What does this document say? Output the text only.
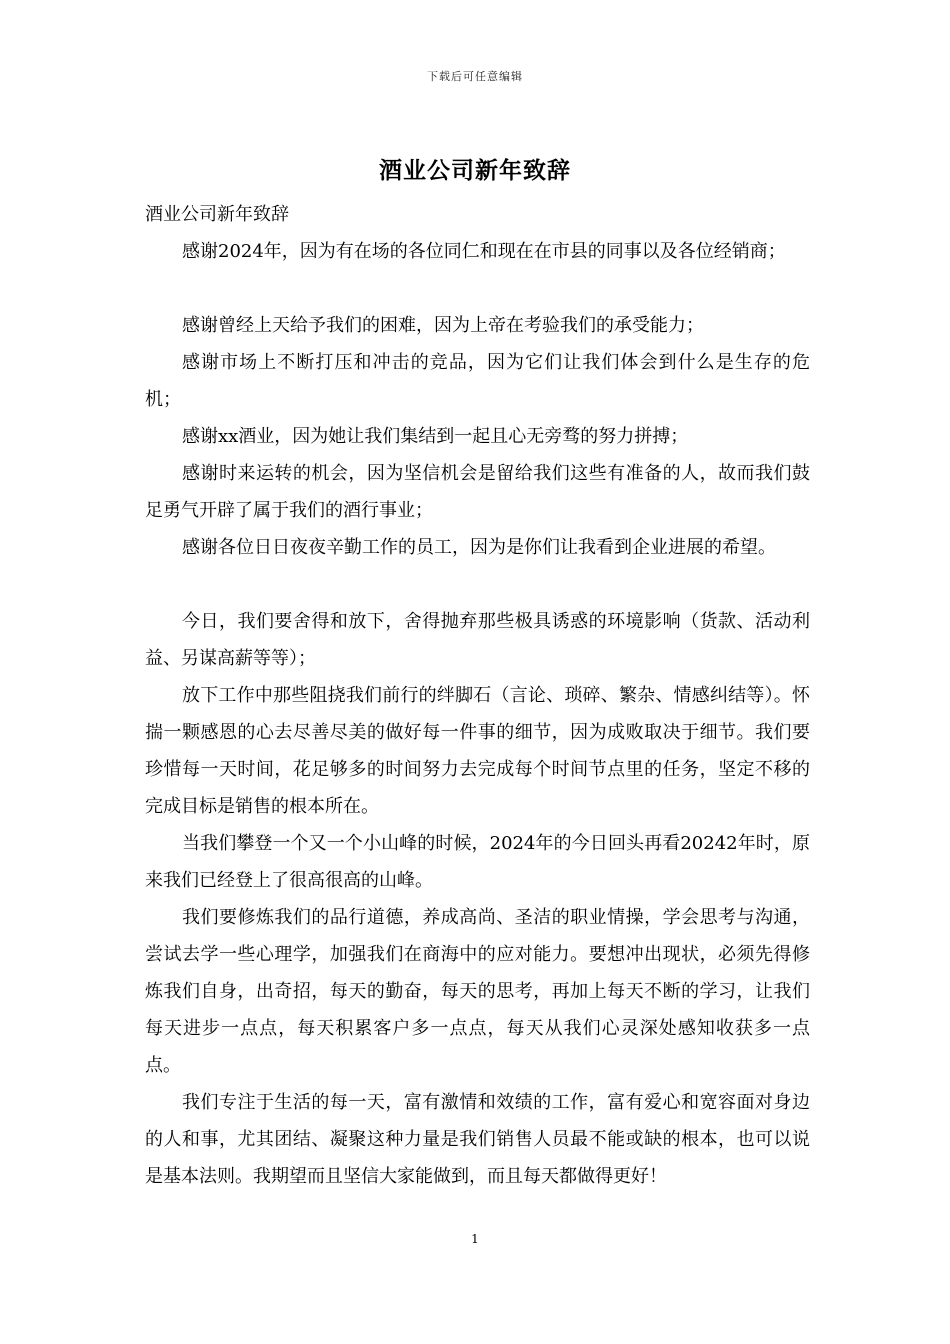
下载后可任意编辑
酒业公司新年致辞

酒业公司新年致辞

感谢2024年，因为有在场的各位同仁和现在在市县的同事以及各位经销商；

感谢曾经上天给予我们的困难，因为上帝在考验我们的承受能力；

感谢市场上不断打压和冲击的竞品，因为它们让我们体会到什么是生存的危机；

感谢xx酒业，因为她让我们集结到一起且心无旁骛的努力拼搏；

感谢时来运转的机会，因为坚信机会是留给我们这些有准备的人，故而我们鼓足勇气开辟了属于我们的酒行事业；

感谢各位日日夜夜辛勤工作的员工，因为是你们让我看到企业进展的希望。

今日，我们要舍得和放下，舍得抛弃那些极具诱惑的环境影响（货款、活动利益、另谋高薪等等）；

放下工作中那些阻挠我们前行的绊脚石（言论、琐碎、繁杂、情感纠结等）。怀揣一颗感恩的心去尽善尽美的做好每一件事的细节，因为成败取决于细节。我们要珍惜每一天时间，花足够多的时间努力去完成每个时间节点里的任务，坚定不移的完成目标是销售的根本所在。

当我们攀登一个又一个小山峰的时候，2024年的今日回头再看20242年时，原来我们已经登上了很高很高的山峰。

我们要修炼我们的品行道德，养成高尚、圣洁的职业情操，学会思考与沟通，尝试去学一些心理学，加强我们在商海中的应对能力。要想冲出现状，必须先得修炼我们自身，出奇招，每天的勤奋，每天的思考，再加上每天不断的学习，让我们每天进步一点点，每天积累客户多一点点，每天从我们心灵深处感知收获多一点点。

我们专注于生活的每一天，富有激情和效绩的工作，富有爱心和宽容面对身边的人和事，尤其团结、凝聚这种力量是我们销售人员最不能或缺的根本，也可以说是基本法则。我期望而且坚信大家能做到，而且每天都做得更好！

1
